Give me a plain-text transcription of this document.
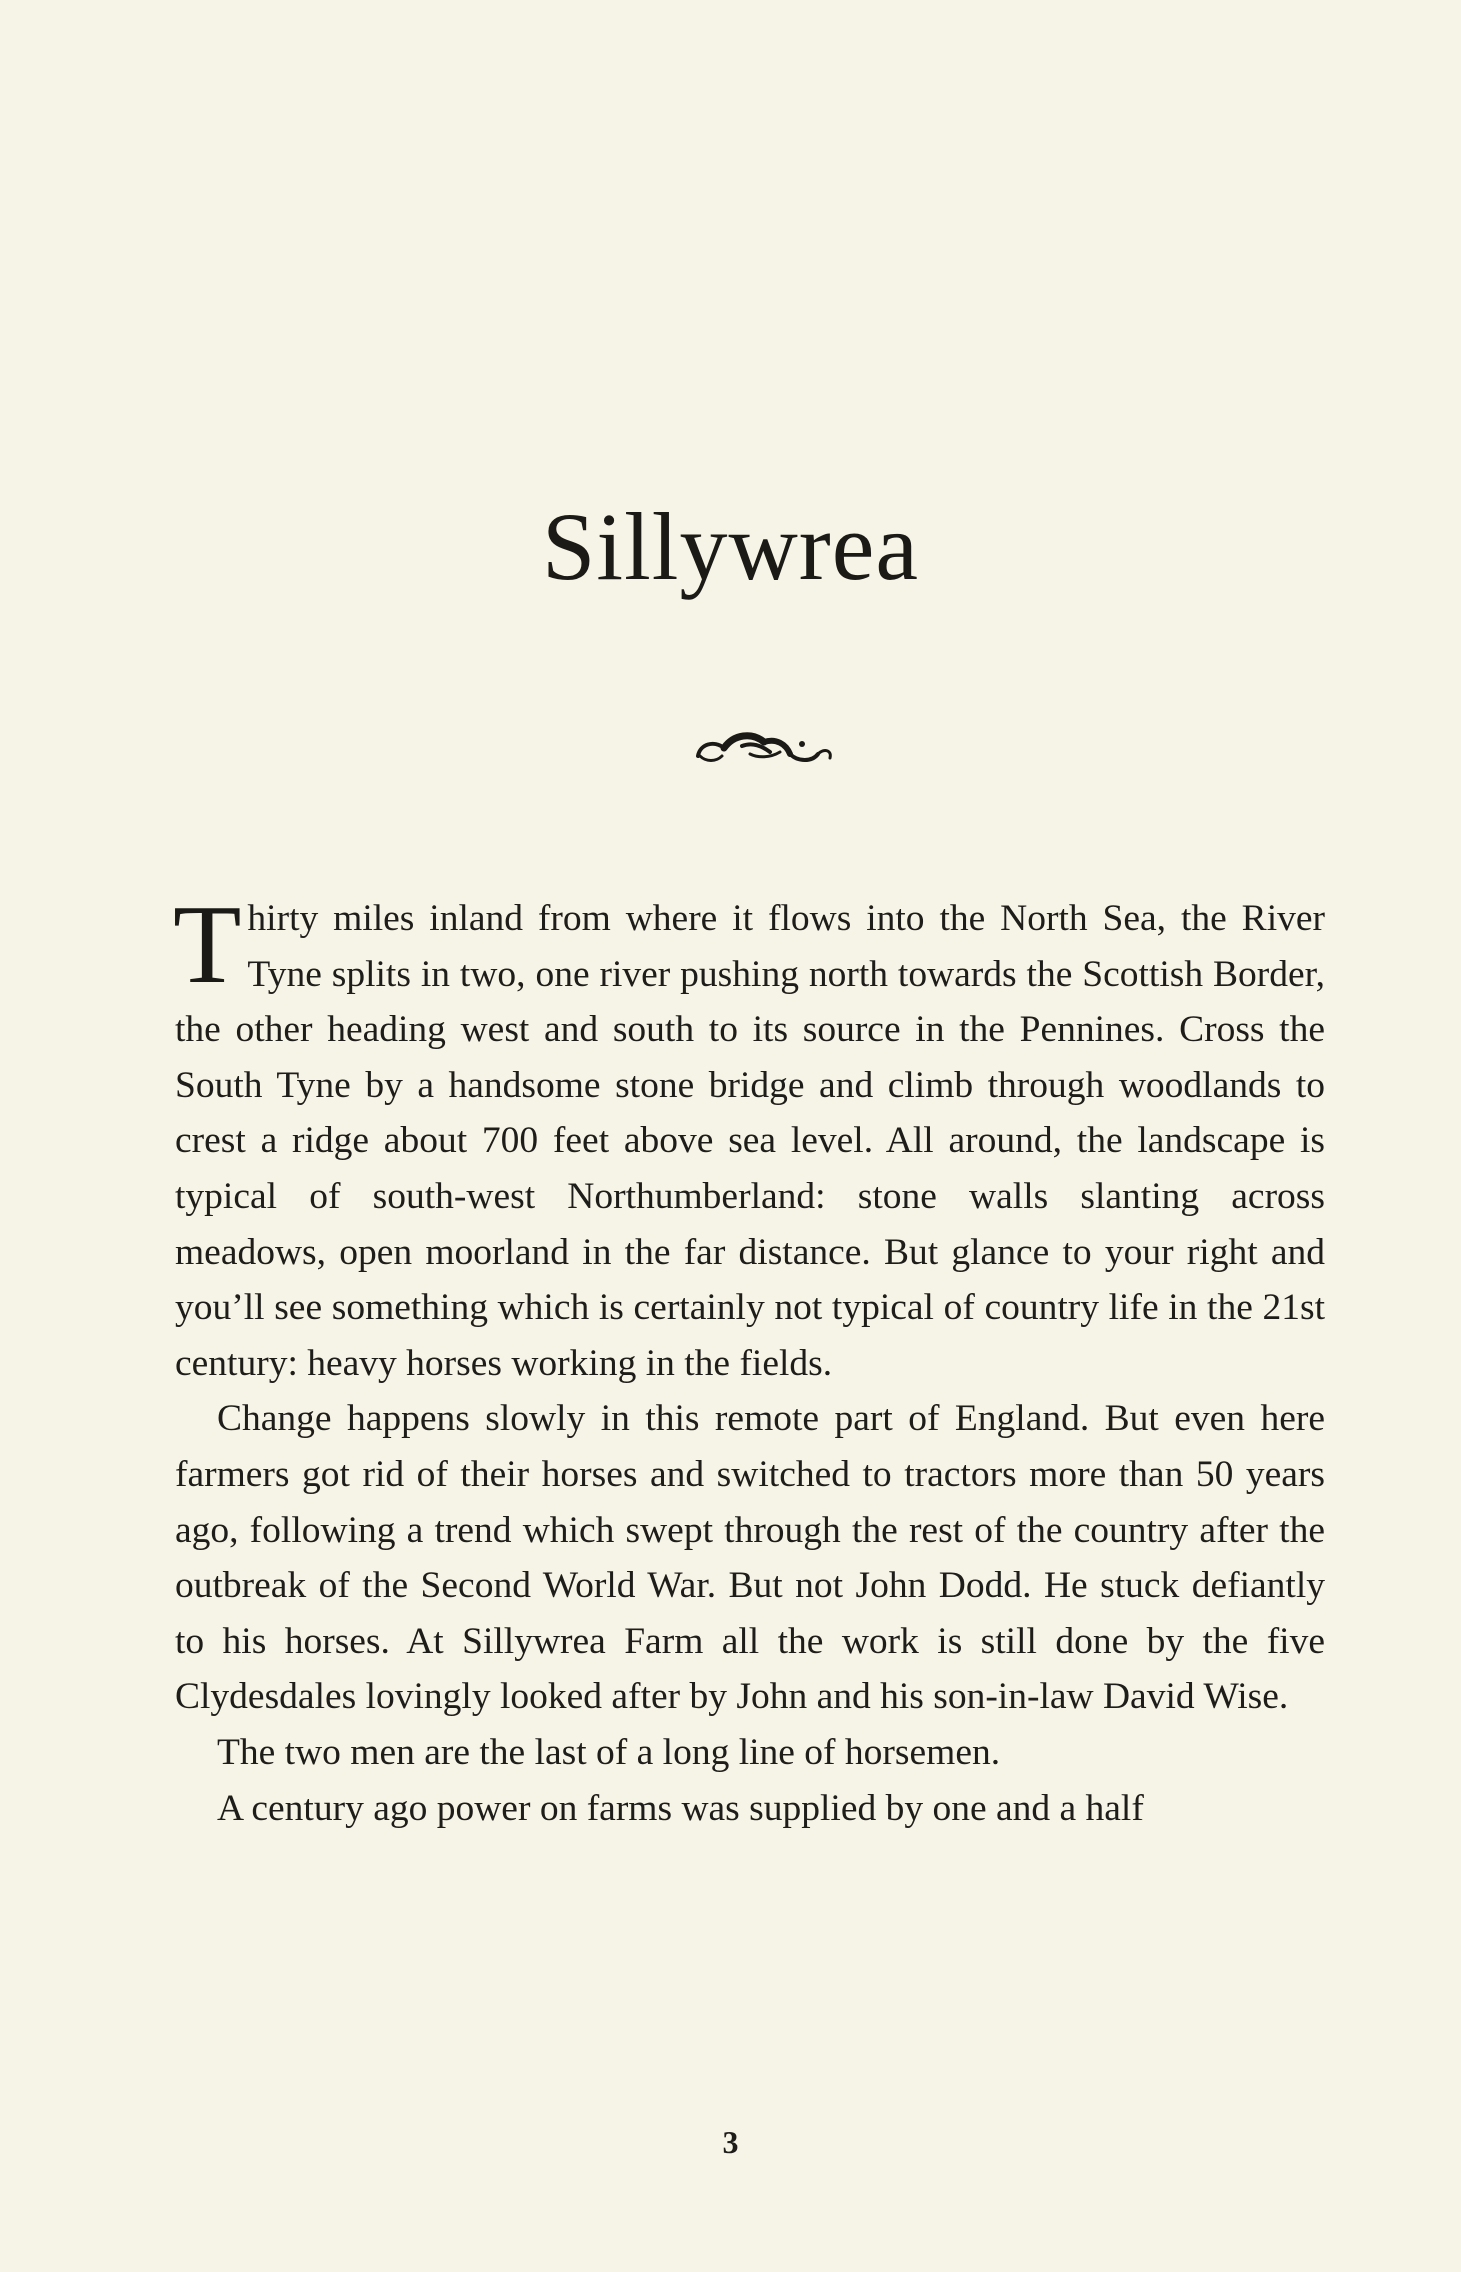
Sillywrea

Thirty miles inland from where it flows into the North Sea, the River Tyne splits in two, one river pushing north towards the Scottish Border, the other heading west and south to its source in the Pennines. Cross the South Tyne by a handsome stone bridge and climb through woodlands to crest a ridge about 700 feet above sea level. All around, the landscape is typical of south-west Northumberland: stone walls slanting across meadows, open moorland in the far distance. But glance to your right and you’ll see something which is certainly not typical of country life in the 21st century: heavy horses working in the fields.

Change happens slowly in this remote part of England. But even here farmers got rid of their horses and switched to tractors more than 50 years ago, following a trend which swept through the rest of the country after the outbreak of the Second World War. But not John Dodd. He stuck defiantly to his horses. At Sillywrea Farm all the work is still done by the five Clydesdales lovingly looked after by John and his son-in-law David Wise.

The two men are the last of a long line of horsemen.

A century ago power on farms was supplied by one and a half

3
